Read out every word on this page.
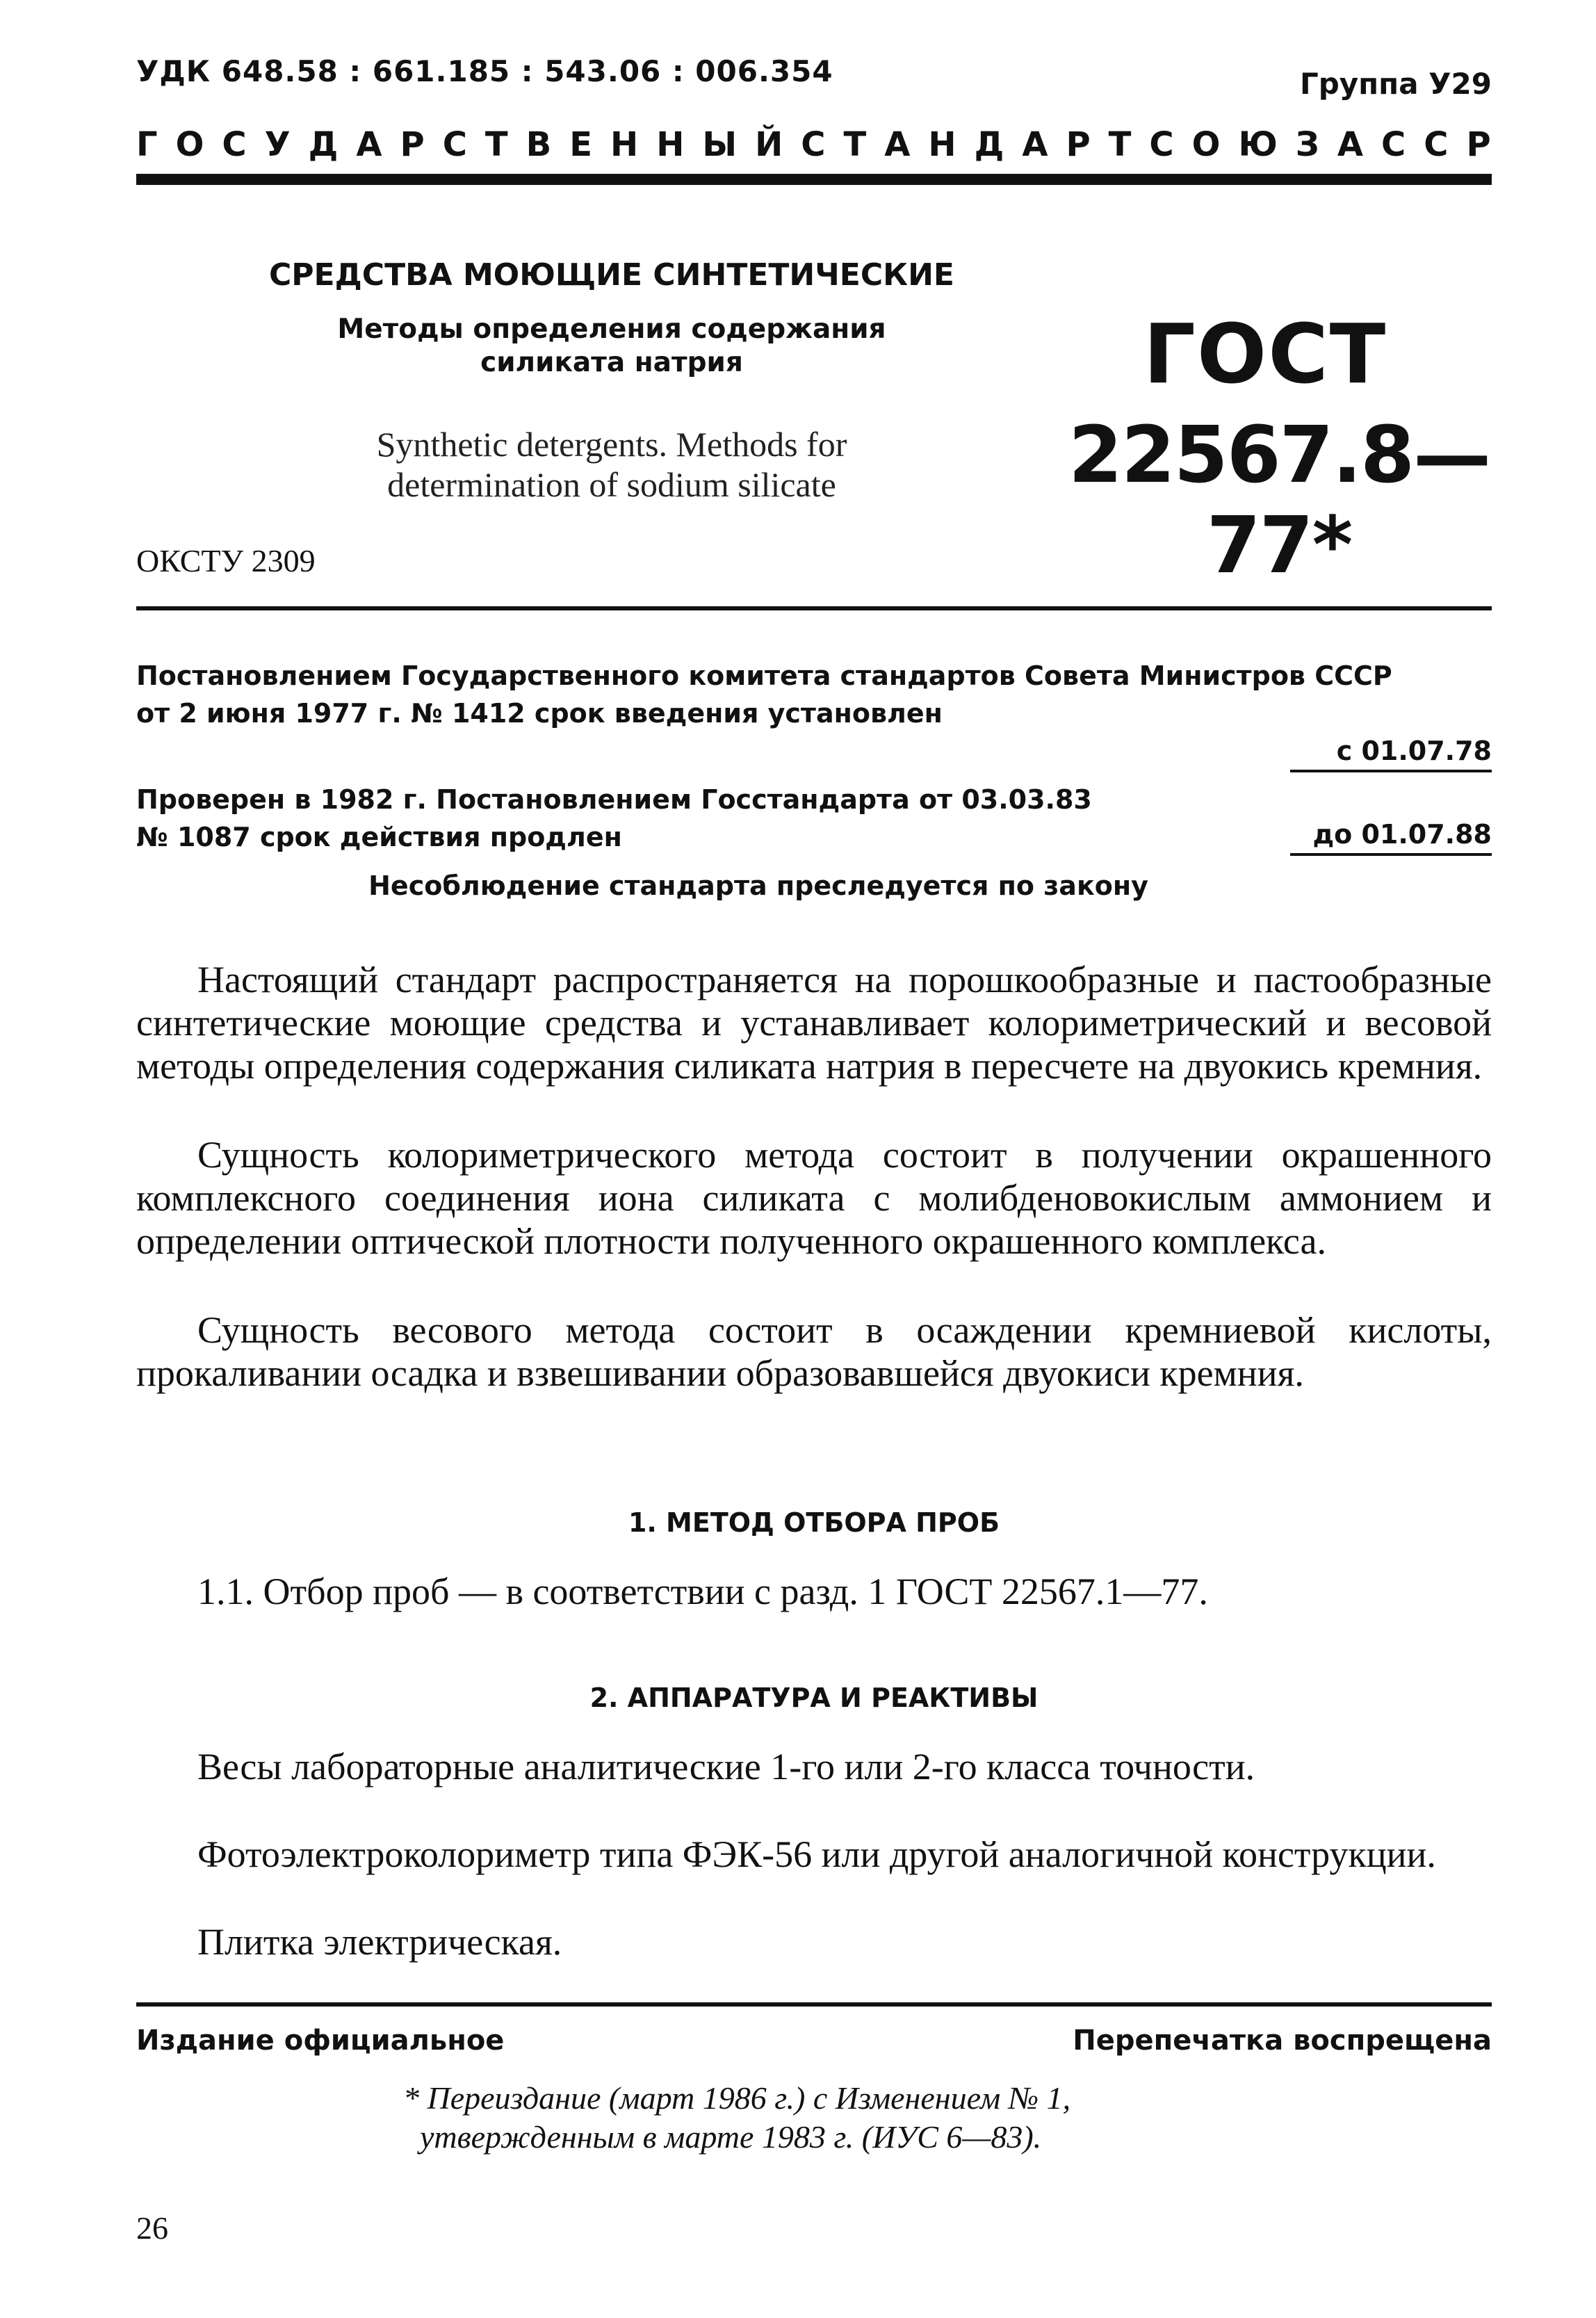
УДК 648.58 : 661.185 : 543.06 : 006.354	Группа У29
ГОСУДАРСТВЕННЫЙ СТАНДАРТ СОЮЗА ССР
СРЕДСТВА МОЮЩИЕ СИНТЕТИЧЕСКИЕ
Методы определения содержания
силиката натрия
Synthetic detergents. Methods for
determination of sodium silicate
ГОСТ
22567.8—77*
ОКСТУ 2309
Постановлением Государственного комитета стандартов Совета Министров СССР
от 2 июня 1977 г. № 1412 срок введения установлен
с 01.07.78
Проверен в 1982 г. Постановлением Госстандарта от 03.03.83
№ 1087 срок действия продлен	до 01.07.88
Несоблюдение стандарта преследуется по закону
Настоящий стандарт распространяется на порошкообразные и пастообразные синтетические моющие средства и устанавливает колориметрический и весовой методы определения содержания силиката натрия в пересчете на двуокись кремния.
Сущность колориметрического метода состоит в получении окрашенного комплексного соединения иона силиката с молибденовокислым аммонием и определении оптической плотности полученного окрашенного комплекса.
Сущность весового метода состоит в осаждении кремниевой кислоты, прокаливании осадка и взвешивании образовавшейся двуокиси кремния.
1. МЕТОД ОТБОРА ПРОБ
1.1. Отбор проб — в соответствии с разд. 1 ГОСТ 22567.1—77.
2. АППАРАТУРА И РЕАКТИВЫ
Весы лабораторные аналитические 1-го или 2-го класса точности.
Фотоэлектроколориметр типа ФЭК-56 или другой аналогичной конструкции.
Плитка электрическая.
Издание официальное	Перепечатка воспрещена
* Переиздание (март 1986 г.) с Изменением № 1,
утвержденным в марте 1983 г. (ИУС 6—83).
26
